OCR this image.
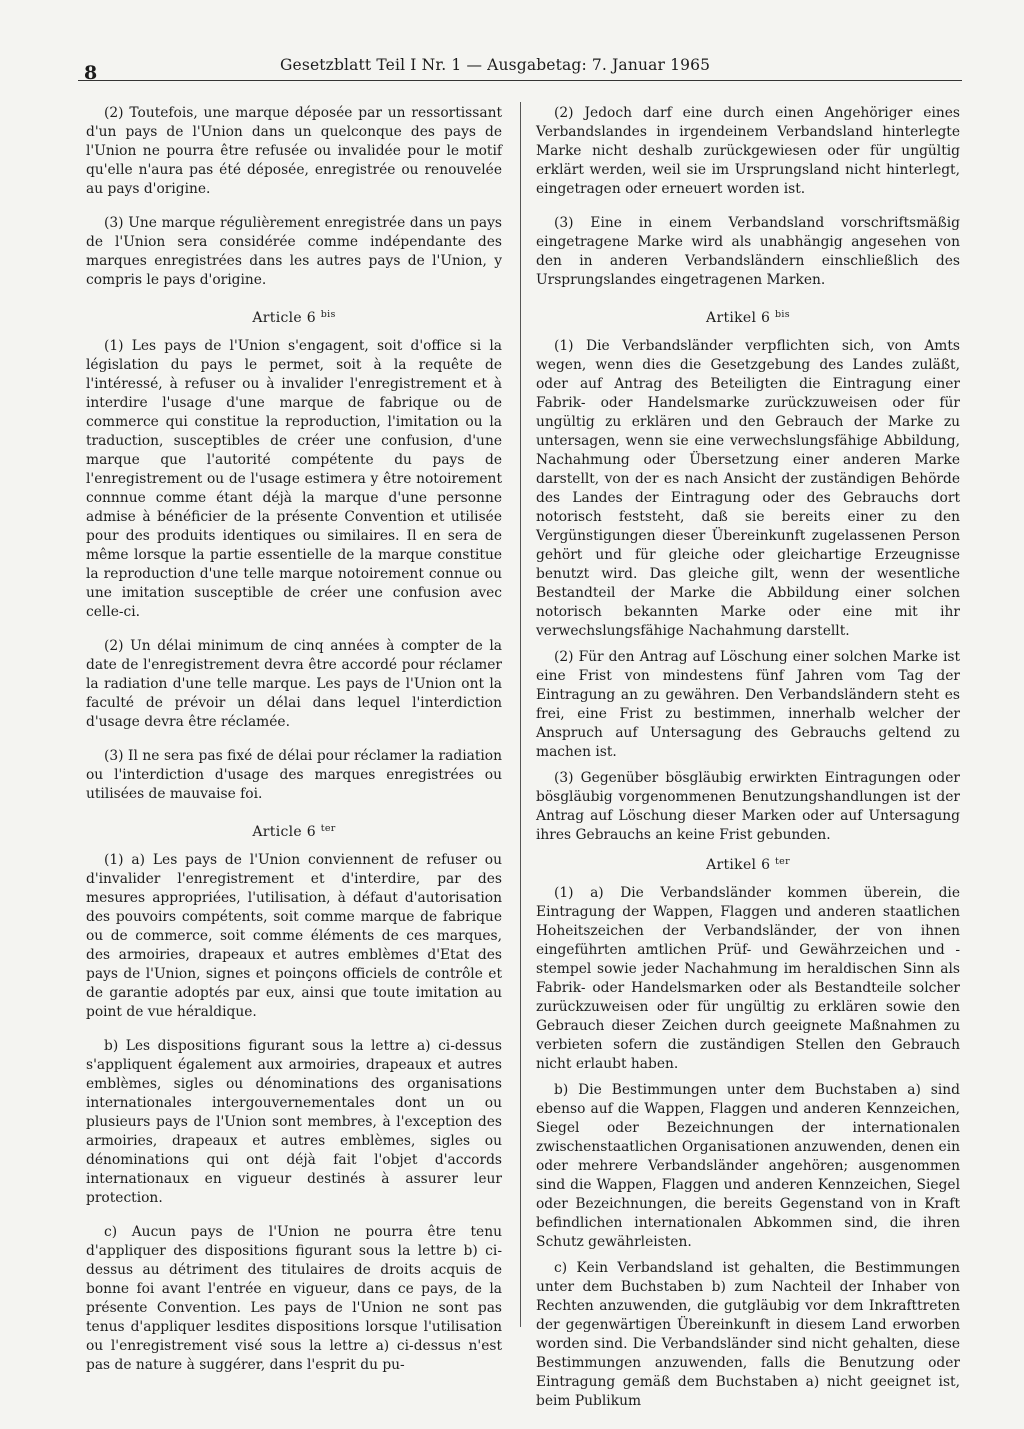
8	Gesetzblatt Teil I Nr. 1 — Ausgabetag: 7. Januar 1965

(2) Toutefois, une marque déposée par un ressortissant d'un pays de l'Union dans un quelconque des pays de l'Union ne pourra être refusée ou invalidée pour le motif qu'elle n'aura pas été déposée, enregistrée ou renouvelée au pays d'origine.

(3) Une marque régulièrement enregistrée dans un pays de l'Union sera considérée comme indépendante des marques enregistrées dans les autres pays de l'Union, y compris le pays d'origine.

Article 6 $^{bis}$

(1) Les pays de l'Union s'engagent, soit d'office si la législation du pays le permet, soit à la requête de l'intéressé, à refuser ou à invalider l'enregistrement et à interdire l'usage d'une marque de fabrique ou de commerce qui constitue la reproduction, l'imitation ou la traduction, susceptibles de créer une confusion, d'une marque que l'autorité compétente du pays de l'enregistrement ou de l'usage estimera y être notoirement connnue comme étant déjà la marque d'une personne admise à bénéficier de la présente Convention et utilisée pour des produits identiques ou similaires. Il en sera de même lorsque la partie essentielle de la marque constitue la reproduction d'une telle marque notoirement connue ou une imitation susceptible de créer une confusion avec celle-ci.

(2) Un délai minimum de cinq années à compter de la date de l'enregistrement devra être accordé pour réclamer la radiation d'une telle marque. Les pays de l'Union ont la faculté de prévoir un délai dans lequel l'interdiction d'usage devra être réclamée.

(3) Il ne sera pas fixé de délai pour réclamer la radiation ou l'interdiction d'usage des marques enregistrées ou utilisées de mauvaise foi.

Article 6 $^{ter}$

(1) a) Les pays de l'Union conviennent de refuser ou d'invalider l'enregistrement et d'interdire, par des mesures appropriées, l'utilisation, à défaut d'autorisation des pouvoirs compétents, soit comme marque de fabrique ou de commerce, soit comme éléments de ces marques, des armoiries, drapeaux et autres emblèmes d'Etat des pays de l'Union, signes et poinçons officiels de contrôle et de garantie adoptés par eux, ainsi que toute imitation au point de vue héraldique.

b) Les dispositions figurant sous la lettre a) ci-dessus s'appliquent également aux armoiries, drapeaux et autres emblèmes, sigles ou dénominations des organisations internationales intergouvernementales dont un ou plusieurs pays de l'Union sont membres, à l'exception des armoiries, drapeaux et autres emblèmes, sigles ou dénominations qui ont déjà fait l'objet d'accords internationaux en vigueur destinés à assurer leur protection.

c) Aucun pays de l'Union ne pourra être tenu d'appliquer des dispositions figurant sous la lettre b) ci-dessus au détriment des titulaires de droits acquis de bonne foi avant l'entrée en vigueur, dans ce pays, de la présente Convention. Les pays de l'Union ne sont pas tenus d'appliquer lesdites dispositions lorsque l'utilisation ou l'enregistrement visé sous la lettre a) ci-dessus n'est pas de nature à suggérer, dans l'esprit du pu-

(2) Jedoch darf eine durch einen Angehöriger eines Verbandslandes in irgendeinem Verbandsland hinterlegte Marke nicht deshalb zurückgewiesen oder für ungültig erklärt werden, weil sie im Ursprungsland nicht hinterlegt, eingetragen oder erneuert worden ist.

(3) Eine in einem Verbandsland vorschriftsmäßig eingetragene Marke wird als unabhängig angesehen von den in anderen Verbandsländern einschließlich des Ursprungslandes eingetragenen Marken.

Artikel 6 $^{bis}$

(1) Die Verbandsländer verpflichten sich, von Amts wegen, wenn dies die Gesetzgebung des Landes zuläßt, oder auf Antrag des Beteiligten die Eintragung einer Fabrik- oder Handelsmarke zurückzuweisen oder für ungültig zu erklären und den Gebrauch der Marke zu untersagen, wenn sie eine verwechslungsfähige Abbildung, Nachahmung oder Übersetzung einer anderen Marke darstellt, von der es nach Ansicht der zuständigen Behörde des Landes der Eintragung oder des Gebrauchs dort notorisch feststeht, daß sie bereits einer zu den Vergünstigungen dieser Übereinkunft zugelassenen Person gehört und für gleiche oder gleichartige Erzeugnisse benutzt wird. Das gleiche gilt, wenn der wesentliche Bestandteil der Marke die Abbildung einer solchen notorisch bekannten Marke oder eine mit ihr verwechslungsfähige Nachahmung darstellt.

(2) Für den Antrag auf Löschung einer solchen Marke ist eine Frist von mindestens fünf Jahren vom Tag der Eintragung an zu gewähren. Den Verbandsländern steht es frei, eine Frist zu bestimmen, innerhalb welcher der Anspruch auf Untersagung des Gebrauchs geltend zu machen ist.

(3) Gegenüber bösgläubig erwirkten Eintragungen oder bösgläubig vorgenommenen Benutzungshandlungen ist der Antrag auf Löschung dieser Marken oder auf Untersagung ihres Gebrauchs an keine Frist gebunden.

Artikel 6 $^{ter}$

(1) a) Die Verbandsländer kommen überein, die Eintragung der Wappen, Flaggen und anderen staatlichen Hoheitszeichen der Verbandsländer, der von ihnen eingeführten amtlichen Prüf- und Gewährzeichen und -stempel sowie jeder Nachahmung im heraldischen Sinn als Fabrik- oder Handelsmarken oder als Bestandteile solcher zurückzuweisen oder für ungültig zu erklären sowie den Gebrauch dieser Zeichen durch geeignete Maßnahmen zu verbieten sofern die zuständigen Stellen den Gebrauch nicht erlaubt haben.

b) Die Bestimmungen unter dem Buchstaben a) sind ebenso auf die Wappen, Flaggen und anderen Kennzeichen, Siegel oder Bezeichnungen der internationalen zwischenstaatlichen Organisationen anzuwenden, denen ein oder mehrere Verbandsländer angehören; ausgenommen sind die Wappen, Flaggen und anderen Kennzeichen, Siegel oder Bezeichnungen, die bereits Gegenstand von in Kraft befindlichen internationalen Abkommen sind, die ihren Schutz gewährleisten.

c) Kein Verbandsland ist gehalten, die Bestimmungen unter dem Buchstaben b) zum Nachteil der Inhaber von Rechten anzuwenden, die gutgläubig vor dem Inkrafttreten der gegenwärtigen Übereinkunft in diesem Land erworben worden sind. Die Verbandsländer sind nicht gehalten, diese Bestimmungen anzuwenden, falls die Benutzung oder Eintragung gemäß dem Buchstaben a) nicht geeignet ist, beim Publikum
